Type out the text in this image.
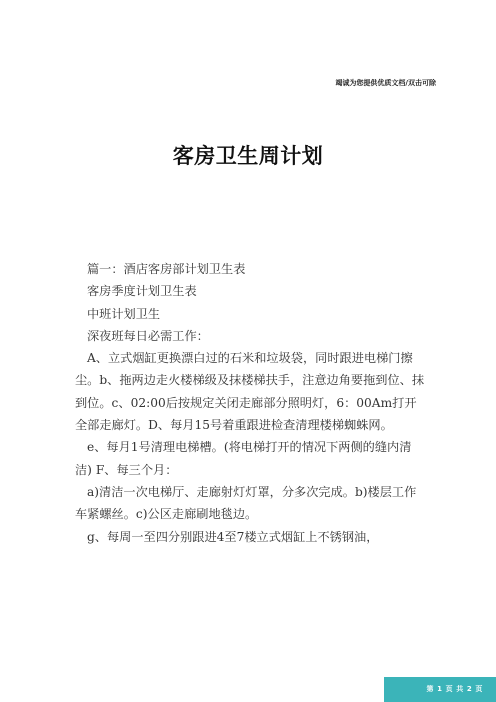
竭诚为您提供优质文档/双击可除
客房卫生周计划

篇一：酒店客房部计划卫生表

客房季度计划卫生表

中班计划卫生

深夜班每日必需工作：

A、立式烟缸更换漂白过的石米和垃圾袋，同时跟进电梯门擦尘。b、拖两边走火楼梯级及抹楼梯扶手，注意边角要拖到位、抹到位。c、02:00后按规定关闭走廊部分照明灯，6：00Am打开全部走廊灯。D、每月15号着重跟进检查清理楼梯蜘蛛网。

e、每月1号清理电梯槽。(将电梯打开的情况下两侧的缝内清洁) F、每三个月：

a)清洁一次电梯厅、走廊射灯灯罩，分多次完成。b)楼层工作车紧螺丝。c)公区走廊刷地毯边。

g、每周一至四分别跟进4至7楼立式烟缸上不锈钢油，

第 1 页 共 2 页
